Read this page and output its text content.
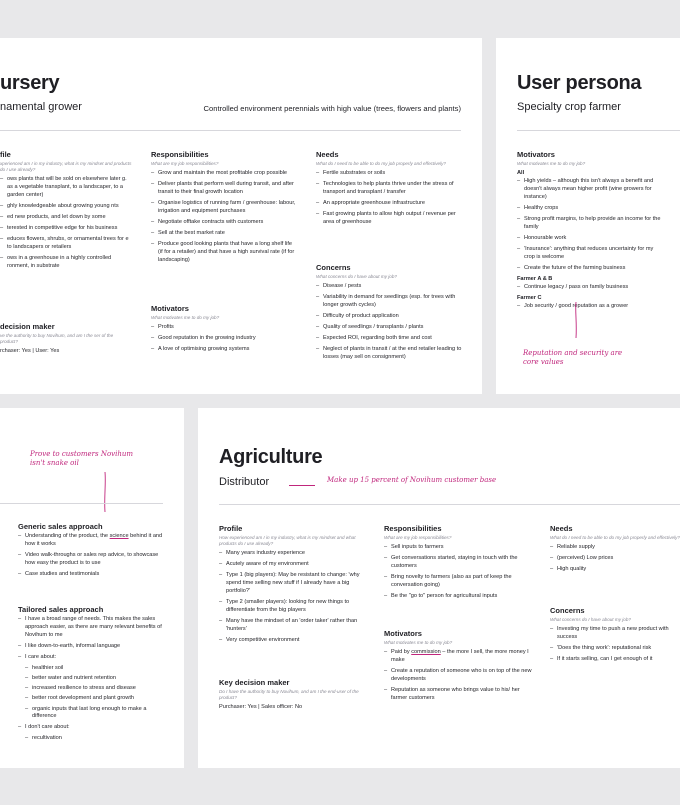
ursery
namental grower	Controlled environment perennials with high value (trees, flowers and plants)
file
xperienced am I in my industry, what is my mindset and products do I use already?
– ows plants that will be sold on elsewhere later g. as a vegetable transplant, to a landscaper, to a garden center)
– ghly knowledgeable about growing young nts
– ed new products, and let down by some
– terested in competitive edge for his business
– educes flowers, shrubs, or ornamental trees for e to landscapers or retailers
– ows in a greenhouse in a highly controlled ronment, in substrate
decision maker
ve the authority to buy Novihum, and am I the ser of the product?
rchaser: Yes | User: Yes
Responsibilities
What are my job responsibilities?
– Grow and maintain the most profitable crop possible
– Deliver plants that perform well during transit, and after transit to their final growth location
– Organise logistics of running farm / greenhouse: labour, irrigation and equipment purchases
– Negotiate offtake contracts with customers
– Sell at the best market rate
– Produce good looking plants that have a long shelf life (if for a retailer) and that have a high survival rate (if for landscaping)
Motivators
What motivates me to do my job?
– Profits
– Good reputation in the growing industry
– A love of optimising growing systems
Needs
What do I need to be able to do my job properly and effectively?
– Fertile substrates or soils
– Technologies to help plants thrive under the stress of transport and transplant / transfer
– An appropriate greenhouse infrastructure
– Fast growing plants to allow high output / revenue per area of greenhouse
Concerns
What concerns do I have about my job?
– Disease / pests
– Variability in demand for seedlings (esp. for trees with longer growth cycles)
– Difficulty of product application
– Quality of seedlings / transplants / plants
– Expected ROI, regarding both time and cost
– Neglect of plants in transit / at the end retailer leading to losses (may sell on consignment)
User persona
Specialty crop farmer
Motivators
What motivates me to do my job?
All
– High yields – although this isn't always a benefit and doesn't always mean higher profit (wine growers for instance)
– Healthy crops
– Strong profit margins, to help provide an income for the family
– Honourable work
– 'Insurance': anything that reduces uncertainty for my crop is welcome
– Create the future of the farming business
Farmer A & B
– Continue legacy / pass on family business
Farmer C
– Job security / good reputation as a grower
Reputation and security are core values
Prove to customers Novihum isn't snake oil
Generic sales approach
– Understanding of the product, the science behind it and how it works
– Video walk-throughs or sales rep advice, to showcase how easy the product is to use
– Case studies and testimonials
Tailored sales approach
– I have a broad range of needs. This makes the sales approach easier, as there are many relevant benefits of Novihum to me
– I like down-to-earth, informal language
– I care about:
– healthier soil
– better water and nutrient retention
– increased resilience to stress and disease
– better root development and plant growth
– organic inputs that last long enough to make a difference
– I don't care about:
– recultivation
Agriculture
Distributor	Make up 15 percent of Novihum customer base
Profile
How experienced am I in my industry, what is my mindset and what products do I use already?
– Many years industry experience
– Acutely aware of my environment
– Type 1 (big players): May be resistant to change: 'why spend time selling new stuff if I already have a big portfolio?'
– Type 2 (smaller players): looking for new things to differentiate from the big players
– Many have the mindset of an 'order taker' rather than 'hunters'
– Very competitive environment
Key decision maker
Do I have the authority to buy Novihum, and am I the end-user of the product?
Purchaser: Yes | Sales officer: No
Responsibilities
What are my job responsibilities?
– Sell inputs to farmers
– Get conversations started, staying in touch with the customers
– Bring novelty to farmers (also as part of keep the conversation going)
– Be the "go to" person for agricultural inputs
Motivators
What motivates me to do my job?
– Paid by commission – the more I sell, the more money I make
– Create a reputation of someone who is on top of the new developments
– Reputation as someone who brings value to his/ her farmer customers
Needs
What do I need to be able to do my job properly and effectively?
– Reliable supply
– (perceived) Low prices
– High quality
Concerns
What concerns do I have about my job?
– Investing my time to push a new product with success
– 'Does the thing work': reputational risk
– If it starts selling, can I get enough of it
